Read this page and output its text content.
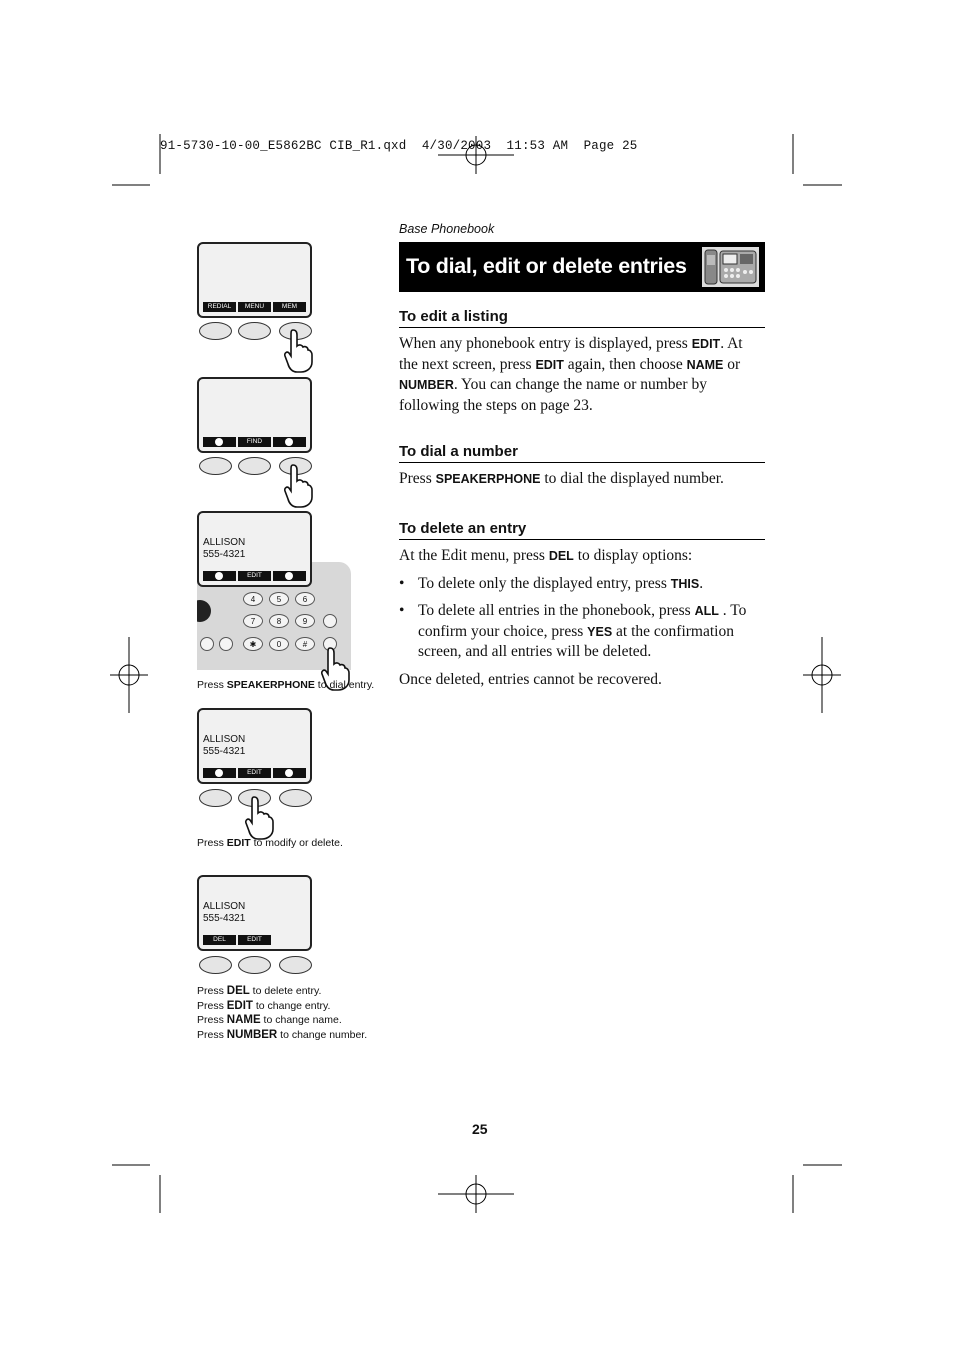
91-5730-10-00_E5862BC CIB_R1.qxd  4/30/2003  11:53 AM  Page 25
Base Phonebook
To dial, edit or delete entries
To edit a listing
When any phonebook entry is displayed, press EDIT. At the next screen, press EDIT again, then choose NAME or NUMBER. You can change the name or number by following the steps on page 23.
To dial a number
Press SPEAKERPHONE to dial the displayed number.
To delete an entry
At the Edit menu, press DEL to display options:
• To delete only the displayed entry, press THIS.
• To delete all entries in the phonebook, press ALL . To confirm your choice, press YES at the confirmation screen, and all entries will be deleted.
Once deleted, entries cannot be recovered.
REDIAL	MENU	MEM
FIND
4	5	6
7	8	9
✱	0	#
ALLISON
555-4321
EDIT
Press SPEAKERPHONE to dial entry.
ALLISON
555-4321
EDIT
Press EDIT to modify or delete.
ALLISON
555-4321
DEL	EDIT
Press DEL to delete entry.
Press EDIT to change entry.
Press NAME to change name.
Press NUMBER to change number.
25
